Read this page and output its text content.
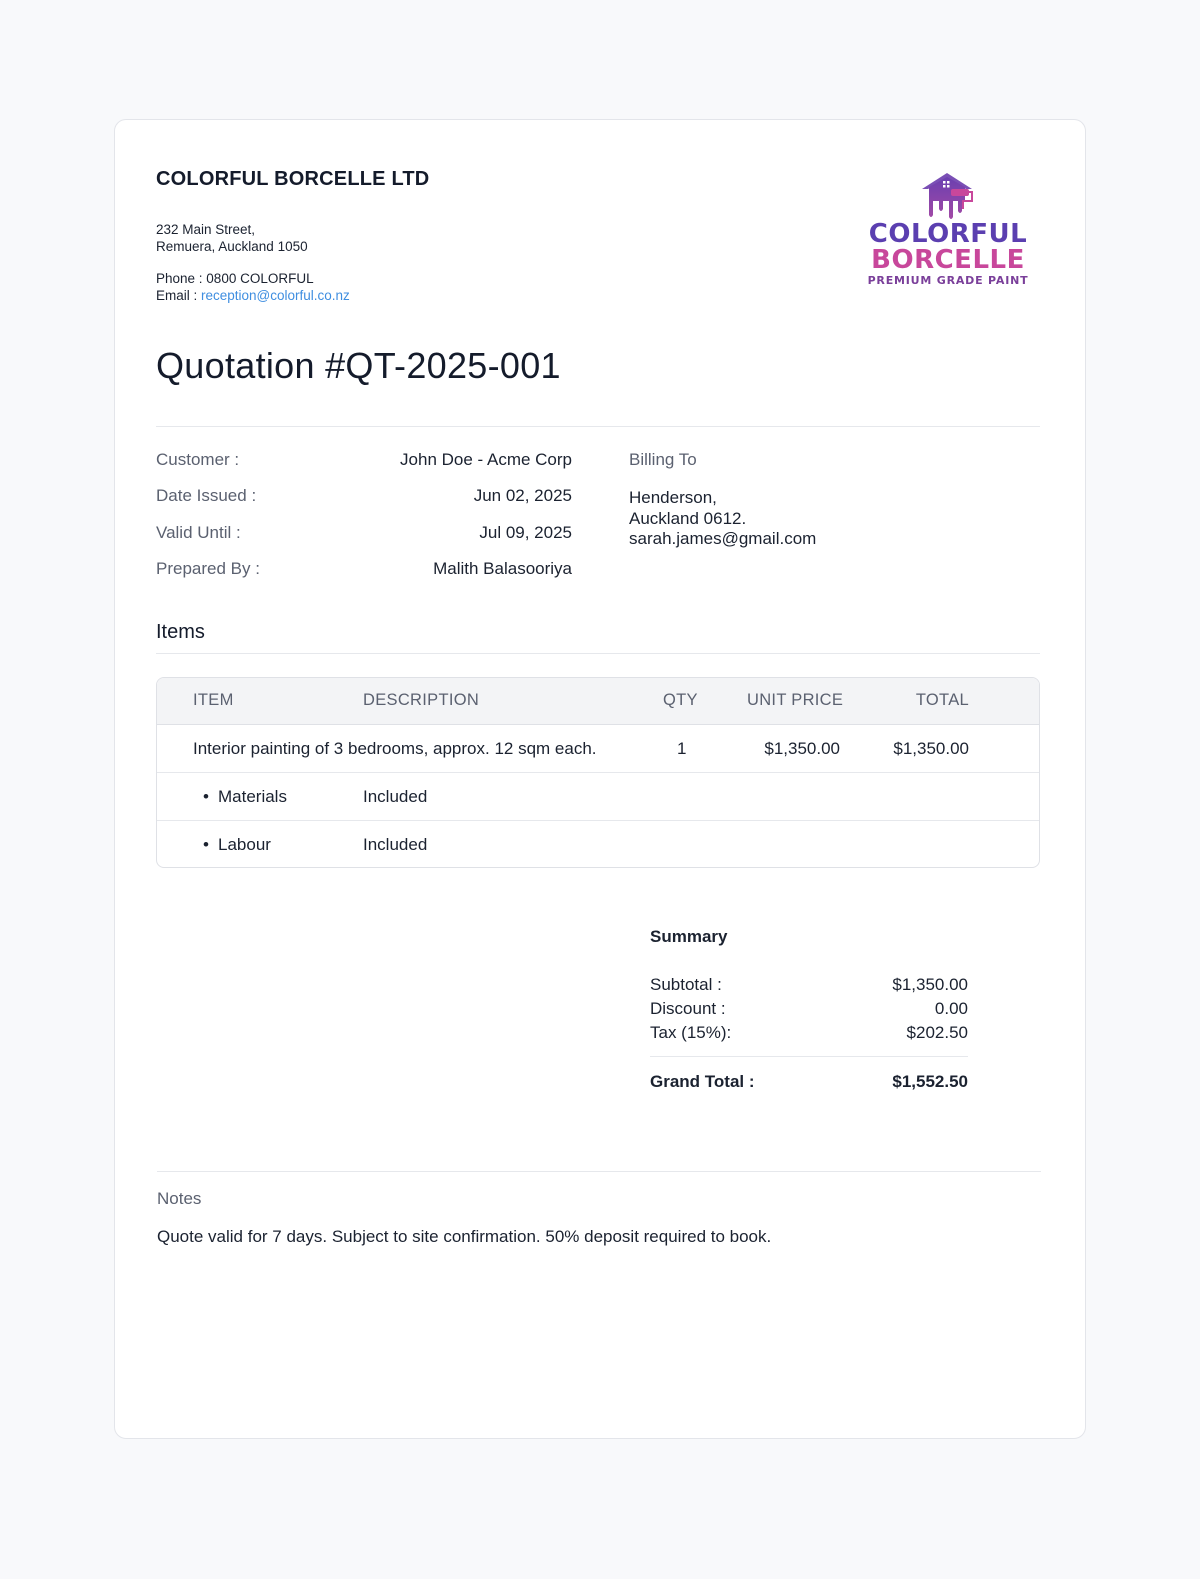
COLORFUL BORCELLE LTD
232 Main Street,
Remuera, Auckland 1050
Phone : 0800 COLORFUL
Email : reception@colorful.co.nz
COLORFUL
BORCELLE
PREMIUM GRADE PAINT
Quotation #QT-2025-001
Customer :	John Doe - Acme Corp
Date Issued :	Jun 02, 2025
Valid Until :	Jul 09, 2025
Prepared By :	Malith Balasooriya
Billing To
Henderson,
Auckland 0612.
sarah.james@gmail.com
Items
ITEM	DESCRIPTION	QTY	UNIT PRICE	TOTAL
Interior painting of 3 bedrooms, approx. 12 sqm each.	1	$1,350.00	$1,350.00
• Materials	Included
• Labour	Included
Summary
Subtotal :	$1,350.00
Discount :	0.00
Tax (15%):	$202.50
Grand Total :	$1,552.50
Notes
Quote valid for 7 days. Subject to site confirmation. 50% deposit required to book.
